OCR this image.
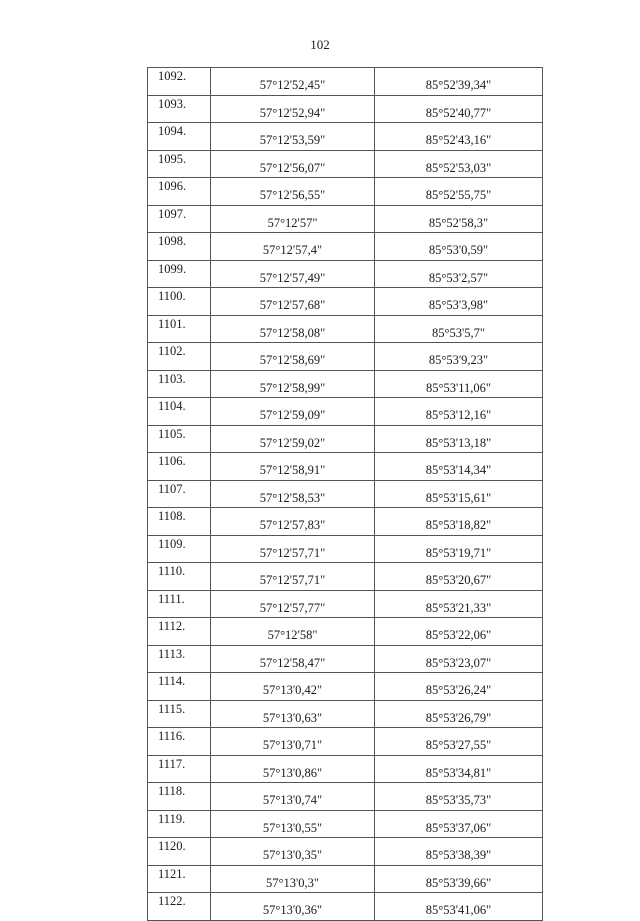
102
1092.	57°12'52,45"	85°52'39,34"
1093.	57°12'52,94"	85°52'40,77"
1094.	57°12'53,59"	85°52'43,16"
1095.	57°12'56,07"	85°52'53,03"
1096.	57°12'56,55"	85°52'55,75"
1097.	57°12'57"	85°52'58,3"
1098.	57°12'57,4"	85°53'0,59"
1099.	57°12'57,49"	85°53'2,57"
1100.	57°12'57,68"	85°53'3,98"
1101.	57°12'58,08"	85°53'5,7"
1102.	57°12'58,69"	85°53'9,23"
1103.	57°12'58,99"	85°53'11,06"
1104.	57°12'59,09"	85°53'12,16"
1105.	57°12'59,02"	85°53'13,18"
1106.	57°12'58,91"	85°53'14,34"
1107.	57°12'58,53"	85°53'15,61"
1108.	57°12'57,83"	85°53'18,82"
1109.	57°12'57,71"	85°53'19,71"
1110.	57°12'57,71"	85°53'20,67"
1111.	57°12'57,77"	85°53'21,33"
1112.	57°12'58"	85°53'22,06"
1113.	57°12'58,47"	85°53'23,07"
1114.	57°13'0,42"	85°53'26,24"
1115.	57°13'0,63"	85°53'26,79"
1116.	57°13'0,71"	85°53'27,55"
1117.	57°13'0,86"	85°53'34,81"
1118.	57°13'0,74"	85°53'35,73"
1119.	57°13'0,55"	85°53'37,06"
1120.	57°13'0,35"	85°53'38,39"
1121.	57°13'0,3"	85°53'39,66"
1122.	57°13'0,36"	85°53'41,06"
